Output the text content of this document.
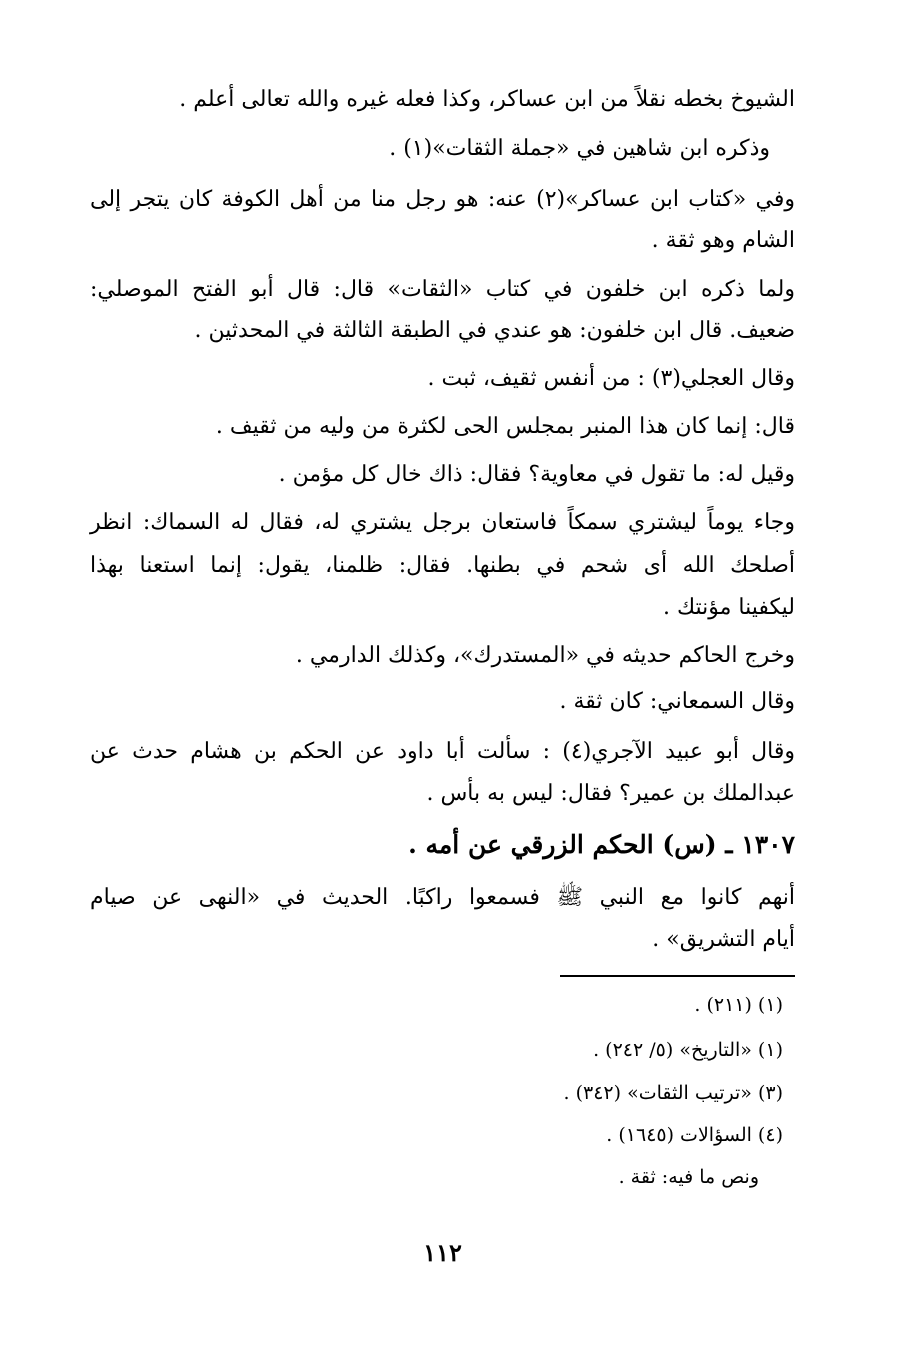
الشيوخ بخطه نقلاً من ابن عساكر، وكذا فعله غيره والله تعالى أعلم .
وذكره ابن شاهين في «جملة الثقات»(١) .
وفي «كتاب ابن عساكر»(٢) عنه: هو رجل منا من أهل الكوفة كان يتجر إلى
الشام وهو ثقة .
ولما ذكره ابن خلفون في كتاب «الثقات» قال: قال أبو الفتح الموصلي:
ضعيف. قال ابن خلفون: هو عندي في الطبقة الثالثة في المحدثين .
وقال العجلي(٣) : من أنفس ثقيف، ثبت .
قال: إنما كان هذا المنبر بمجلس الحى لكثرة من وليه من ثقيف .
وقيل له: ما تقول في معاوية؟ فقال: ذاك خال كل مؤمن .
وجاء يوماً ليشتري سمكاً فاستعان برجل يشتري له، فقال له السماك: انظر
أصلحك الله أى شحم في بطنها. فقال: ظلمنا، يقول: إنما استعنا بهذا
ليكفينا مؤنتك .
وخرج الحاكم حديثه في «المستدرك»، وكذلك الدارمي .
وقال السمعاني: كان ثقة .
وقال أبو عبيد الآجري(٤) : سألت أبا داود عن الحكم بن هشام حدث عن
عبدالملك بن عمير؟ فقال: ليس به بأس .
١٣٠٧ ـ (س) الحكم الزرقي عن أمه .
أنهم كانوا مع النبي ﷺ فسمعوا راكبًا. الحديث في «النهى عن صيام
أيام التشريق» .
(١) (٢١١) .
(١) «التاريخ» (٥/ ٢٤٢) .
(٣) «ترتيب الثقات» (٣٤٢) .
(٤) السؤالات (١٦٤٥) .
ونص ما فيه: ثقة .
١١٢
